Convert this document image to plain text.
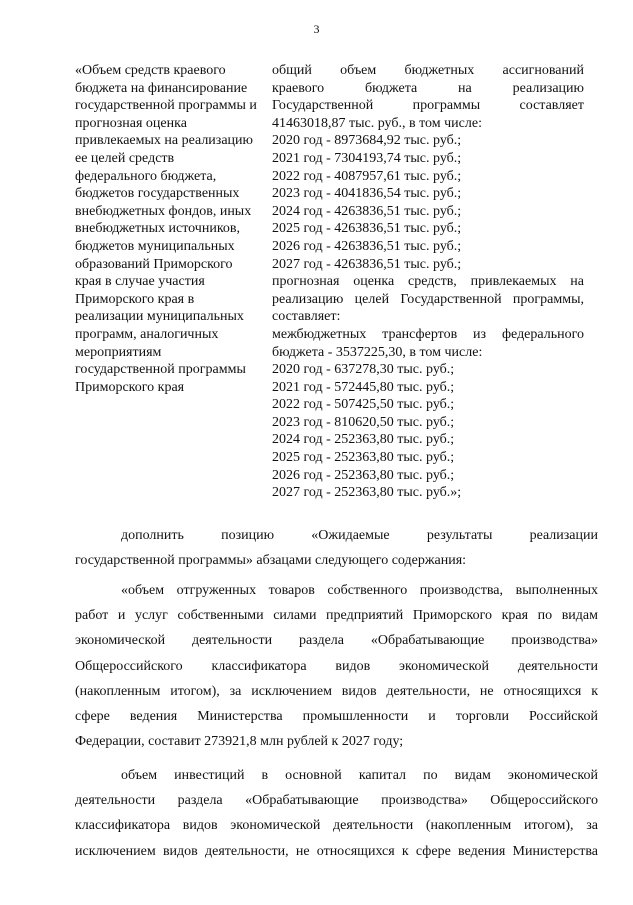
3
«Объем средств краевого
бюджета на финансирование
государственной программы и
прогнозная оценка
привлекаемых на реализацию
ее целей средств
федерального бюджета,
бюджетов государственных
внебюджетных фондов, иных
внебюджетных источников,
бюджетов муниципальных
образований Приморского
края в случае участия
Приморского края в
реализации муниципальных
программ, аналогичных
мероприятиям
государственной программы
Приморского края
общий объем бюджетных ассигнований
краевого бюджета на реализацию
Государственной программы составляет
41463018,87 тыс. руб., в том числе:
2020 год - 8973684,92 тыс. руб.;
2021 год - 7304193,74 тыс. руб.;
2022 год - 4087957,61 тыс. руб.;
2023 год - 4041836,54 тыс. руб.;
2024 год - 4263836,51 тыс. руб.;
2025 год - 4263836,51 тыс. руб.;
2026 год - 4263836,51 тыс. руб.;
2027 год - 4263836,51 тыс. руб.;
прогнозная оценка средств, привлекаемых на
реализацию целей Государственной программы,
составляет:
межбюджетных трансфертов из федерального
бюджета - 3537225,30, в том числе:
2020 год - 637278,30 тыс. руб.;
2021 год - 572445,80 тыс. руб.;
2022 год - 507425,50 тыс. руб.;
2023 год - 810620,50 тыс. руб.;
2024 год - 252363,80 тыс. руб.;
2025 год - 252363,80 тыс. руб.;
2026 год - 252363,80 тыс. руб.;
2027 год - 252363,80 тыс. руб.»;
дополнить позицию «Ожидаемые результаты реализации
государственной программы» абзацами следующего содержания:
«объем отгруженных товаров собственного производства, выполненных
работ и услуг собственными силами предприятий Приморского края по видам
экономической деятельности раздела «Обрабатывающие производства»
Общероссийского классификатора видов экономической деятельности
(накопленным итогом), за исключением видов деятельности, не относящихся к
сфере ведения Министерства промышленности и торговли Российской
Федерации, составит 273921,8 млн рублей к 2027 году;
объем инвестиций в основной капитал по видам экономической
деятельности раздела «Обрабатывающие производства» Общероссийского
классификатора видов экономической деятельности (накопленным итогом), за
исключением видов деятельности, не относящихся к сфере ведения Министерства
